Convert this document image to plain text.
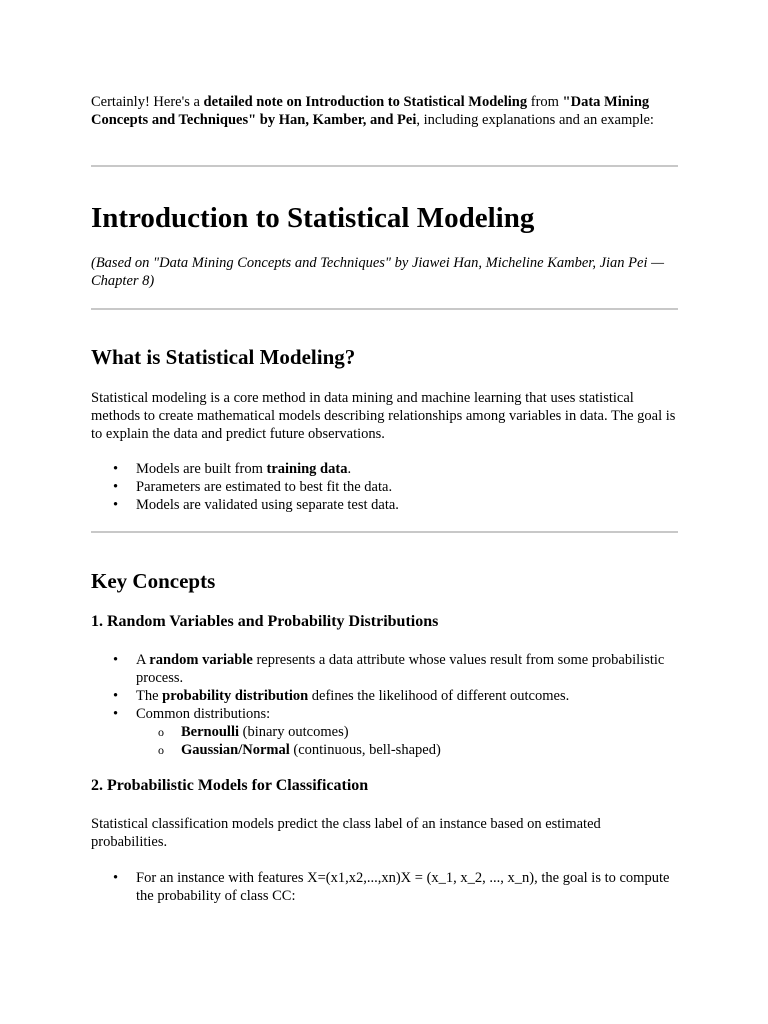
Certainly! Here's a detailed note on Introduction to Statistical Modeling from "Data Mining Concepts and Techniques" by Han, Kamber, and Pei, including explanations and an example:
Introduction to Statistical Modeling

(Based on "Data Mining Concepts and Techniques" by Jiawei Han, Micheline Kamber, Jian Pei — Chapter 8)

What is Statistical Modeling?

Statistical modeling is a core method in data mining and machine learning that uses statistical methods to create mathematical models describing relationships among variables in data. The goal is to explain the data and predict future observations.

• Models are built from training data.
• Parameters are estimated to best fit the data.
• Models are validated using separate test data.
Key Concepts
1. Random Variables and Probability Distributions
• A random variable represents a data attribute whose values result from some probabilistic process.
• The probability distribution defines the likelihood of different outcomes.
• Common distributions:
o Bernoulli (binary outcomes)
o Gaussian/Normal (continuous, bell-shaped)
2. Probabilistic Models for Classification

Statistical classification models predict the class label of an instance based on estimated probabilities.

• For an instance with features X=(x1,x2,...,xn)X = (x_1, x_2, ..., x_n), the goal is to compute the probability of class CC:
